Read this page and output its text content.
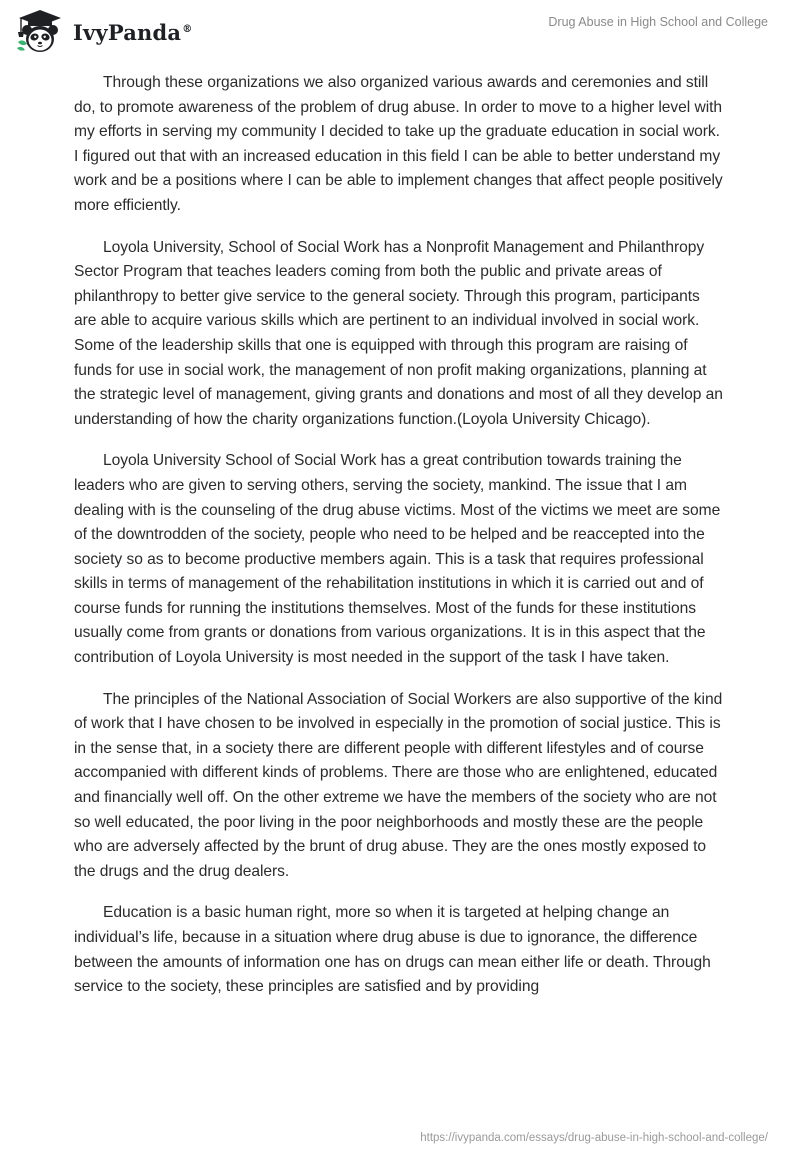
IvyPanda®	Drug Abuse in High School and College

Through these organizations we also organized various awards and ceremonies and still do, to promote awareness of the problem of drug abuse. In order to move to a higher level with my efforts in serving my community I decided to take up the graduate education in social work. I figured out that with an increased education in this field I can be able to better understand my work and be a positions where I can be able to implement changes that affect people positively more efficiently.

Loyola University, School of Social Work has a Nonprofit Management and Philanthropy Sector Program that teaches leaders coming from both the public and private areas of philanthropy to better give service to the general society. Through this program, participants are able to acquire various skills which are pertinent to an individual involved in social work. Some of the leadership skills that one is equipped with through this program are raising of funds for use in social work, the management of non profit making organizations, planning at the strategic level of management, giving grants and donations and most of all they develop an understanding of how the charity organizations function.(Loyola University Chicago).

Loyola University School of Social Work has a great contribution towards training the leaders who are given to serving others, serving the society, mankind. The issue that I am dealing with is the counseling of the drug abuse victims. Most of the victims we meet are some of the downtrodden of the society, people who need to be helped and be reaccepted into the society so as to become productive members again. This is a task that requires professional skills in terms of management of the rehabilitation institutions in which it is carried out and of course funds for running the institutions themselves. Most of the funds for these institutions usually come from grants or donations from various organizations. It is in this aspect that the contribution of Loyola University is most needed in the support of the task I have taken.

The principles of the National Association of Social Workers are also supportive of the kind of work that I have chosen to be involved in especially in the promotion of social justice. This is in the sense that, in a society there are different people with different lifestyles and of course accompanied with different kinds of problems. There are those who are enlightened, educated and financially well off. On the other extreme we have the members of the society who are not so well educated, the poor living in the poor neighborhoods and mostly these are the people who are adversely affected by the brunt of drug abuse. They are the ones mostly exposed to the drugs and the drug dealers.

Education is a basic human right, more so when it is targeted at helping change an individual’s life, because in a situation where drug abuse is due to ignorance, the difference between the amounts of information one has on drugs can mean either life or death. Through service to the society, these principles are satisfied and by providing

https://ivypanda.com/essays/drug-abuse-in-high-school-and-college/
